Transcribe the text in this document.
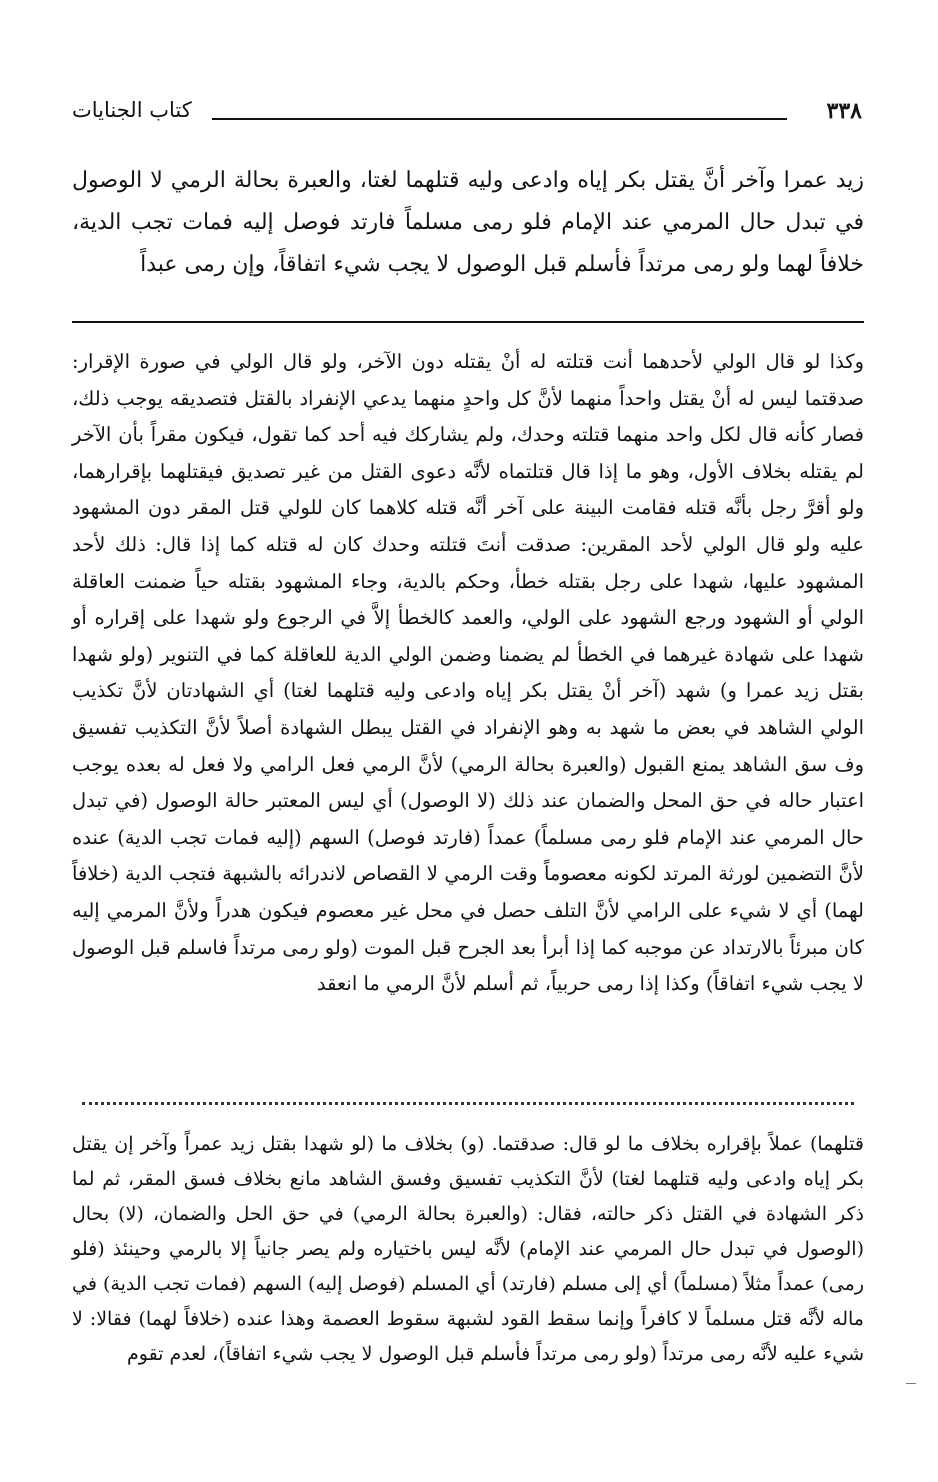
٣٣٨
كتاب الجنايات

زيد عمرا وآخر أنَّ يقتل بكر إياه وادعى وليه قتلهما لغتا، والعبرة بحالة الرمي لا الوصول في تبدل حال المرمي عند الإمام فلو رمى مسلماً فارتد فوصل إليه فمات تجب الدية، خلافاً لهما ولو رمى مرتداً فأسلم قبل الوصول لا يجب شيء اتفاقاً، وإن رمى عبداً

وكذا لو قال الولي لأحدهما أنت قتلته له أنْ يقتله دون الآخر، ولو قال الولي في صورة الإقرار: صدقتما ليس له أنْ يقتل واحداً منهما لأنَّ كل واحدٍ منهما يدعي الإنفراد بالقتل فتصديقه يوجب ذلك، فصار كأنه قال لكل واحد منهما قتلته وحدك، ولم يشاركك فيه أحد كما تقول، فيكون مقراً بأن الآخر لم يقتله بخلاف الأول، وهو ما إذا قال قتلتماه لأنَّه دعوى القتل من غير تصديق فيقتلهما بإقرارهما، ولو أقرَّ رجل بأنَّه قتله فقامت البينة على آخر أنَّه قتله كلاهما كان للولي قتل المقر دون المشهود عليه ولو قال الولي لأحد المقرين: صدقت أنتَ قتلته وحدك كان له قتله كما إذا قال: ذلك لأحد المشهود عليها، شهدا على رجل بقتله خطأ، وحكم بالدية، وجاء المشهود بقتله حياً ضمنت العاقلة الولي أو الشهود ورجع الشهود على الولي، والعمد كالخطأ إلاَّ في الرجوع ولو شهدا على إقراره أو شهدا على شهادة غيرهما في الخطأ لم يضمنا وضمن الولي الدية للعاقلة كما في التنوير (ولو شهدا بقتل زيد عمرا و) شهد (آخر أنْ يقتل بكر إياه وادعى وليه قتلهما لغتا) أي الشهادتان لأنَّ تكذيب الولي الشاهد في بعض ما شهد به وهو الإنفراد في القتل يبطل الشهادة أصلاً لأنَّ التكذيب تفسيق وف سق الشاهد يمنع القبول (والعبرة بحالة الرمي) لأنَّ الرمي فعل الرامي ولا فعل له بعده يوجب اعتبار حاله في حق المحل والضمان عند ذلك (لا الوصول) أي ليس المعتبر حالة الوصول (في تبدل حال المرمي عند الإمام فلو رمى مسلماً) عمداً (فارتد فوصل) السهم (إليه فمات تجب الدية) عنده لأنَّ التضمين لورثة المرتد لكونه معصوماً وقت الرمي لا القصاص لاندرائه بالشبهة فتجب الدية (خلافاً لهما) أي لا شيء على الرامي لأنَّ التلف حصل في محل غير معصوم فيكون هدراً ولأنَّ المرمي إليه كان مبرئاً بالارتداد عن موجبه كما إذا أبرأ بعد الجرح قبل الموت (ولو رمى مرتداً فاسلم قبل الوصول لا يجب شيء اتفاقاً) وكذا إذا رمى حربياً، ثم أسلم لأنَّ الرمي ما انعقد

قتلهما) عملاً بإقراره بخلاف ما لو قال: صدقتما. (و) بخلاف ما (لو شهدا بقتل زيد عمراً وآخر إن يقتل بكر إياه وادعى وليه قتلهما لغتا) لأنَّ التكذيب تفسيق وفسق الشاهد مانع بخلاف فسق المقر، ثم لما ذكر الشهادة في القتل ذكر حالته، فقال: (والعبرة بحالة الرمي) في حق الحل والضمان، (لا) بحال (الوصول في تبدل حال المرمي عند الإمام) لأنَّه ليس باختياره ولم يصر جانياً إلا بالرمي وحينئذ (فلو رمى) عمداً مثلاً (مسلماً) أي إلى مسلم (فارتد) أي المسلم (فوصل إليه) السهم (فمات تجب الدية) في ماله لأنَّه قتل مسلماً لا كافراً وإنما سقط القود لشبهة سقوط العصمة وهذا عنده (خلافاً لهما) فقالا: لا شيء عليه لأنَّه رمى مرتداً (ولو رمى مرتداً فأسلم قبل الوصول لا يجب شيء اتفاقاً)، لعدم تقوم
